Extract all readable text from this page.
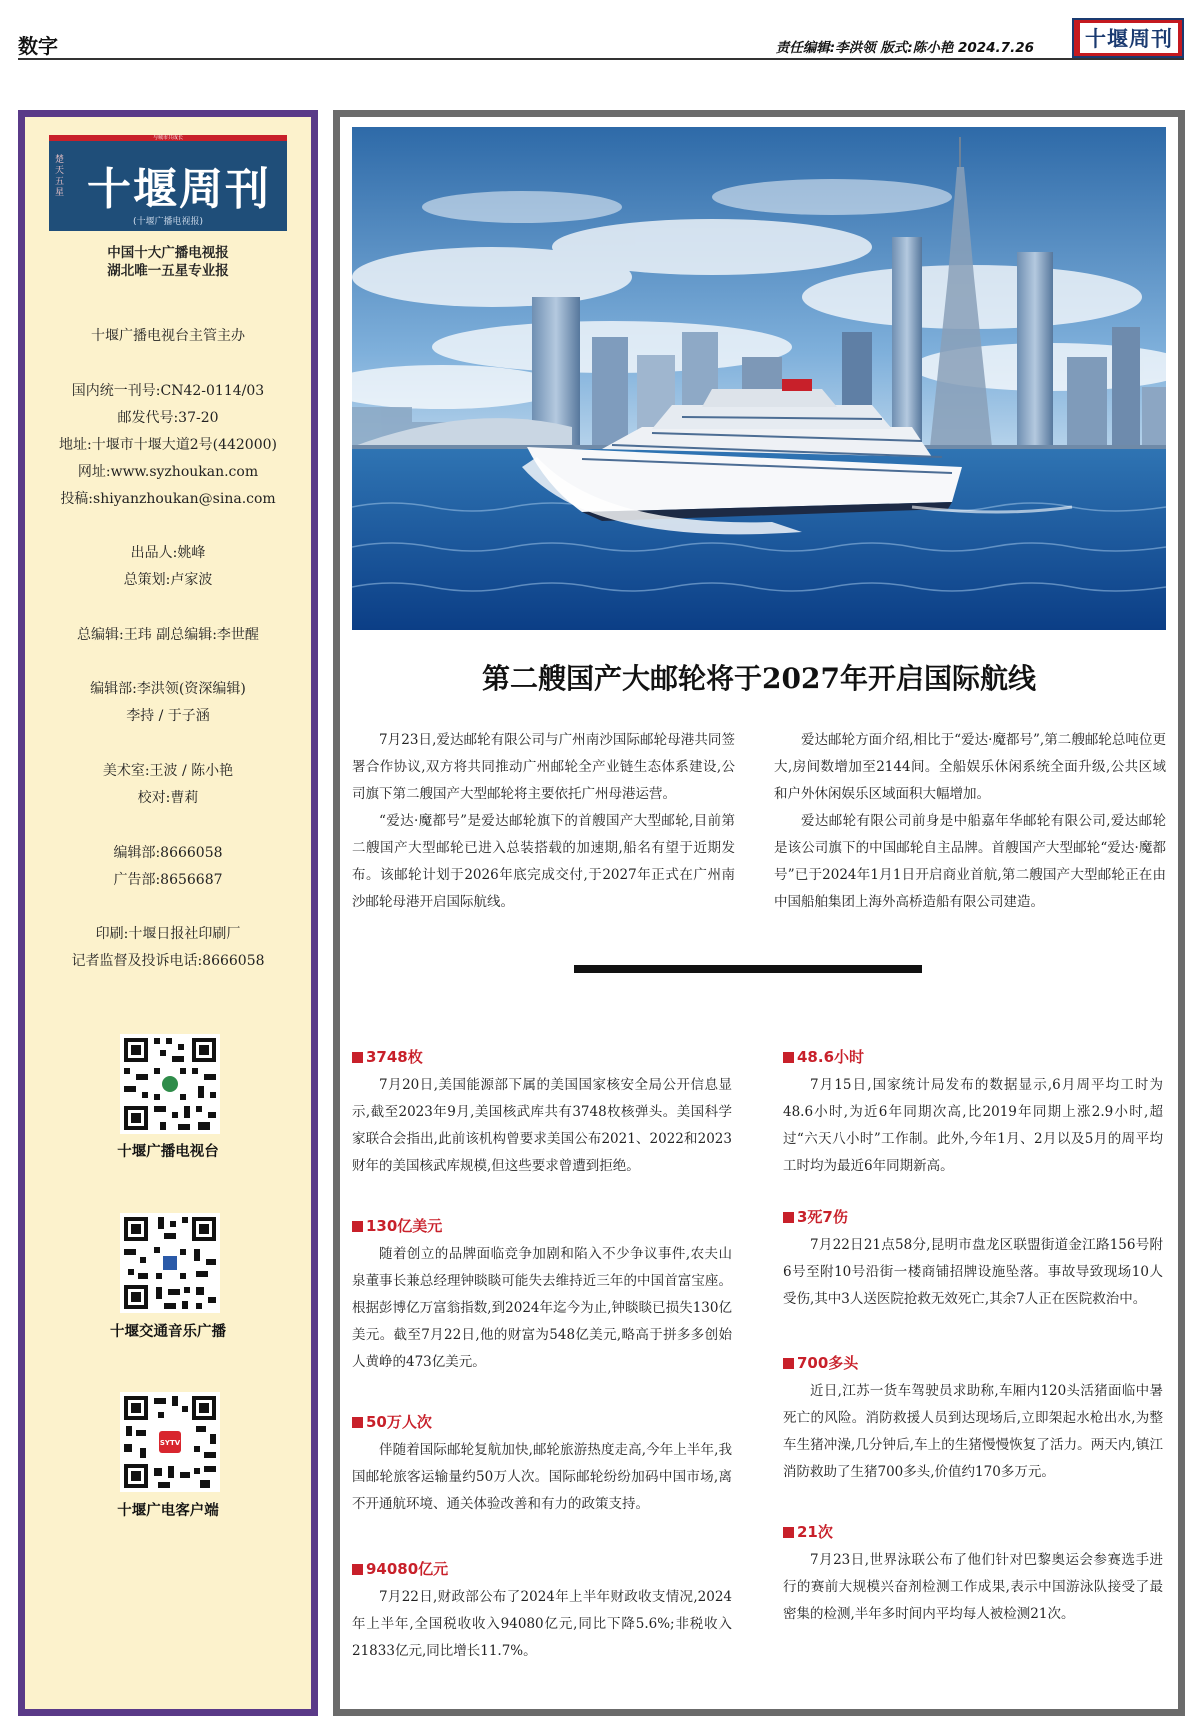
数字	责任编辑:李洪领 版式:陈小艳 2024.7.26 十堰周刊
与城市共成长
楚天五星 十堰周刊
(十堰广播电视报)
中国十大广播电视报
湖北唯一五星专业报
十堰广播电视台主管主办
国内统一刊号:CN42-0114/03
邮发代号:37-20
地址:十堰市十堰大道2号(442000)
网址:www.syzhoukan.com
投稿:shiyanzhoukan@sina.com
出品人:姚峰
总策划:卢家波
总编辑:王玮 副总编辑:李世醒
编辑部:李洪领(资深编辑)
李持 / 于子涵
美术室:王波 / 陈小艳
校对:曹莉
编辑部:8666058
广告部:8656687
印刷:十堰日报社印刷厂
记者监督及投诉电话:8666058
十堰广播电视台
十堰交通音乐广播
SYTV
十堰广电客户端
第二艘国产大邮轮将于2027年开启国际航线

7月23日,爱达邮轮有限公司与广州南沙国际邮轮母港共同签署合作协议,双方将共同推动广州邮轮全产业链生态体系建设,公司旗下第二艘国产大型邮轮将主要依托广州母港运营。

“爱达·魔都号”是爱达邮轮旗下的首艘国产大型邮轮,目前第二艘国产大型邮轮已进入总装搭载的加速期,船名有望于近期发布。该邮轮计划于2026年底完成交付,于2027年正式在广州南沙邮轮母港开启国际航线。

爱达邮轮方面介绍,相比于“爱达·魔都号”,第二艘邮轮总吨位更大,房间数增加至2144间。全船娱乐休闲系统全面升级,公共区域和户外休闲娱乐区域面积大幅增加。

爱达邮轮有限公司前身是中船嘉年华邮轮有限公司,爱达邮轮是该公司旗下的中国邮轮自主品牌。首艘国产大型邮轮“爱达·魔都号”已于2024年1月1日开启商业首航,第二艘国产大型邮轮正在由中国船舶集团上海外高桥造船有限公司建造。

3748枚
7月20日,美国能源部下属的美国国家核安全局公开信息显示,截至2023年9月,美国核武库共有3748枚核弹头。美国科学家联合会指出,此前该机构曾要求美国公布2021、2022和2023财年的美国核武库规模,但这些要求曾遭到拒绝。
130亿美元
随着创立的品牌面临竞争加剧和陷入不少争议事件,农夫山泉董事长兼总经理钟睒睒可能失去维持近三年的中国首富宝座。根据彭博亿万富翁指数,到2024年迄今为止,钟睒睒已损失130亿美元。截至7月22日,他的财富为548亿美元,略高于拼多多创始人黄峥的473亿美元。
50万人次
伴随着国际邮轮复航加快,邮轮旅游热度走高,今年上半年,我国邮轮旅客运输量约50万人次。国际邮轮纷纷加码中国市场,离不开通航环境、通关体验改善和有力的政策支持。
94080亿元
7月22日,财政部公布了2024年上半年财政收支情况,2024年上半年,全国税收收入94080亿元,同比下降5.6%;非税收入21833亿元,同比增长11.7%。
48.6小时
7月15日,国家统计局发布的数据显示,6月周平均工时为48.6小时,为近6年同期次高,比2019年同期上涨2.9小时,超过“六天八小时”工作制。此外,今年1月、2月以及5月的周平均工时均为最近6年同期新高。
3死7伤
7月22日21点58分,昆明市盘龙区联盟街道金江路156号附6号至附10号沿街一楼商铺招牌设施坠落。事故导致现场10人受伤,其中3人送医院抢救无效死亡,其余7人正在医院救治中。
700多头
近日,江苏一货车驾驶员求助称,车厢内120头活猪面临中暑死亡的风险。消防救援人员到达现场后,立即架起水枪出水,为整车生猪冲澡,几分钟后,车上的生猪慢慢恢复了活力。两天内,镇江消防救助了生猪700多头,价值约170多万元。
21次
7月23日,世界泳联公布了他们针对巴黎奥运会参赛选手进行的赛前大规模兴奋剂检测工作成果,表示中国游泳队接受了最密集的检测,半年多时间内平均每人被检测21次。
